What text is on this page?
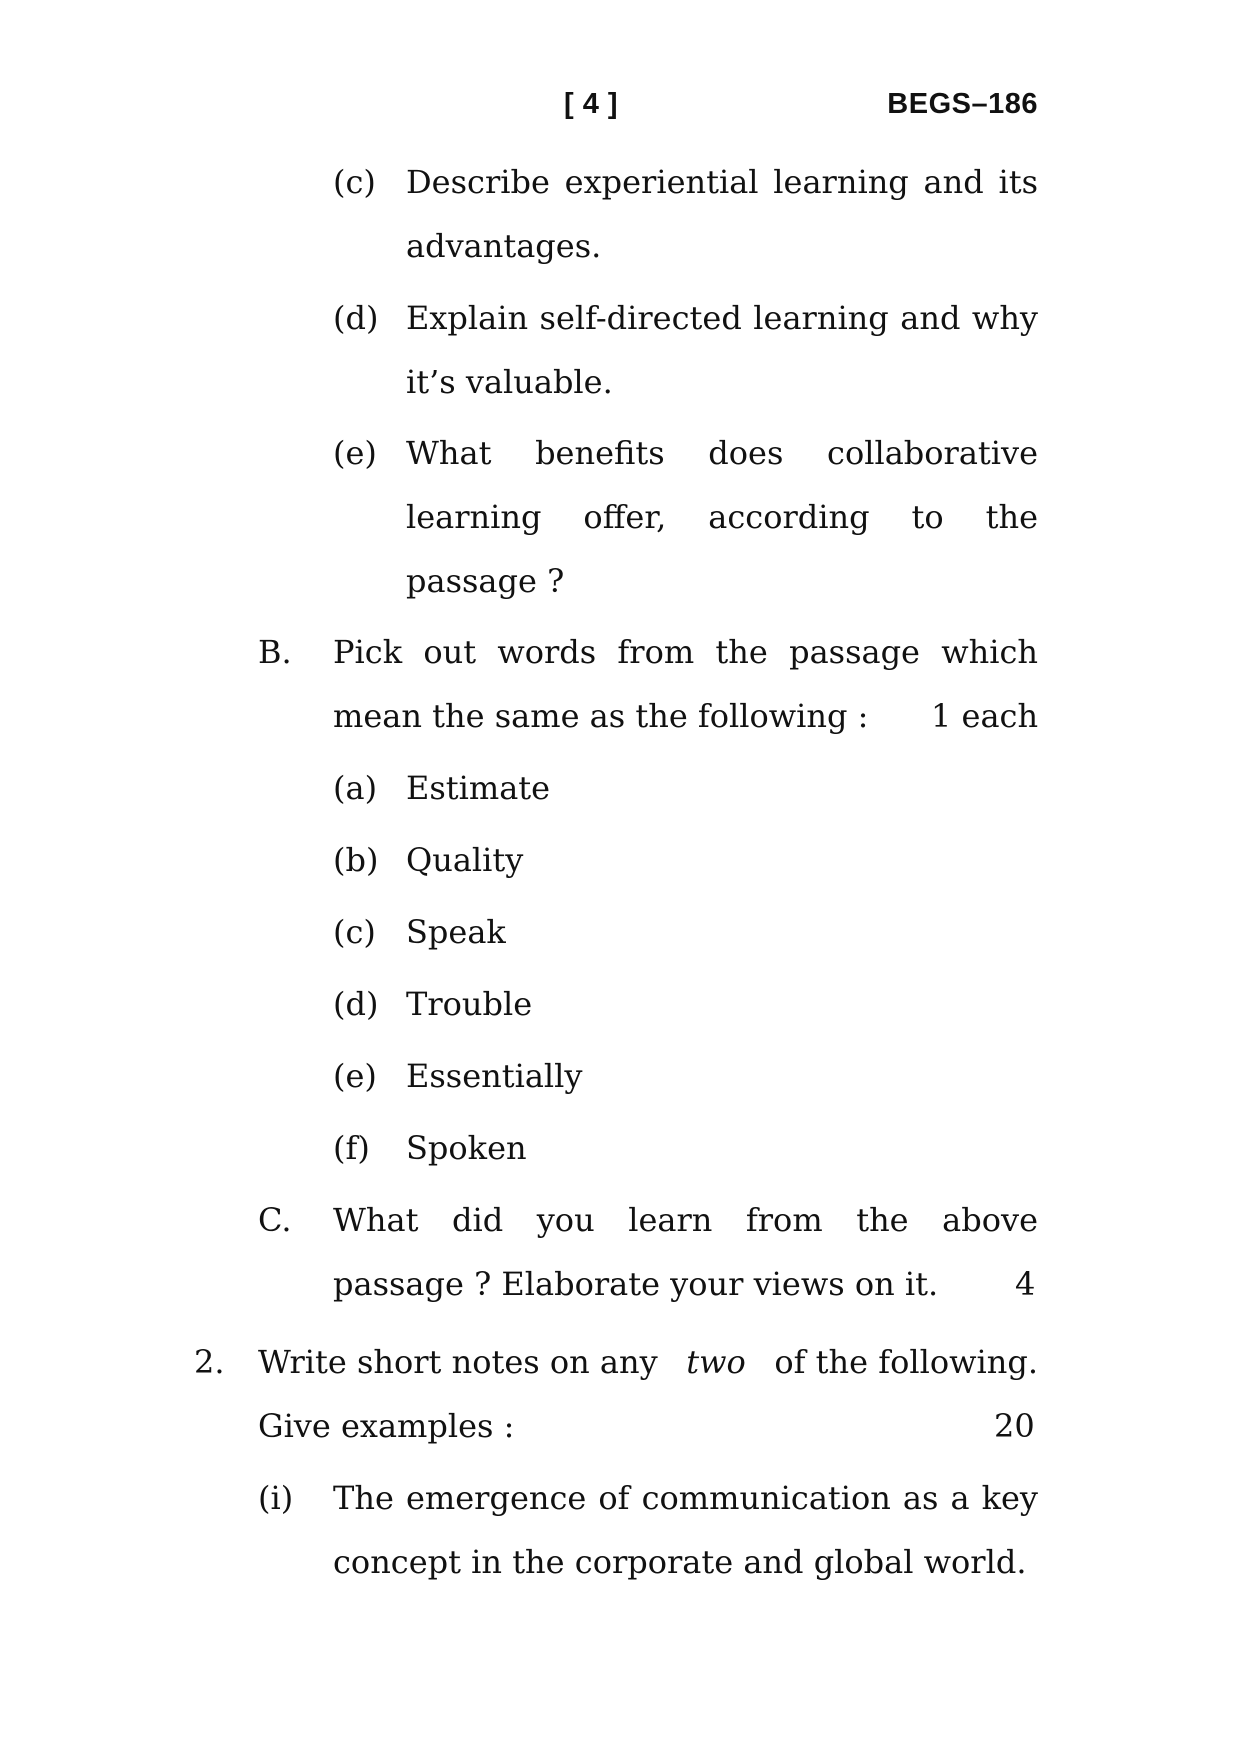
[ 4 ]	BEGS–186
(c) Describe experiential learning and its
advantages.
(d) Explain self-directed learning and why
it’s valuable.
(e) What benefits does collaborative
learning offer, according to the
passage ?
B. Pick out words from the passage which
mean the same as the following : 1 each
(a) Estimate
(b) Quality
(c) Speak
(d) Trouble
(e) Essentially
(f) Spoken
C. What did you learn from the above
passage ? Elaborate your views on it. 4
2. Write short notes on any two of the following.
Give examples :	20
(i) The emergence of communication as a key
concept in the corporate and global world.
